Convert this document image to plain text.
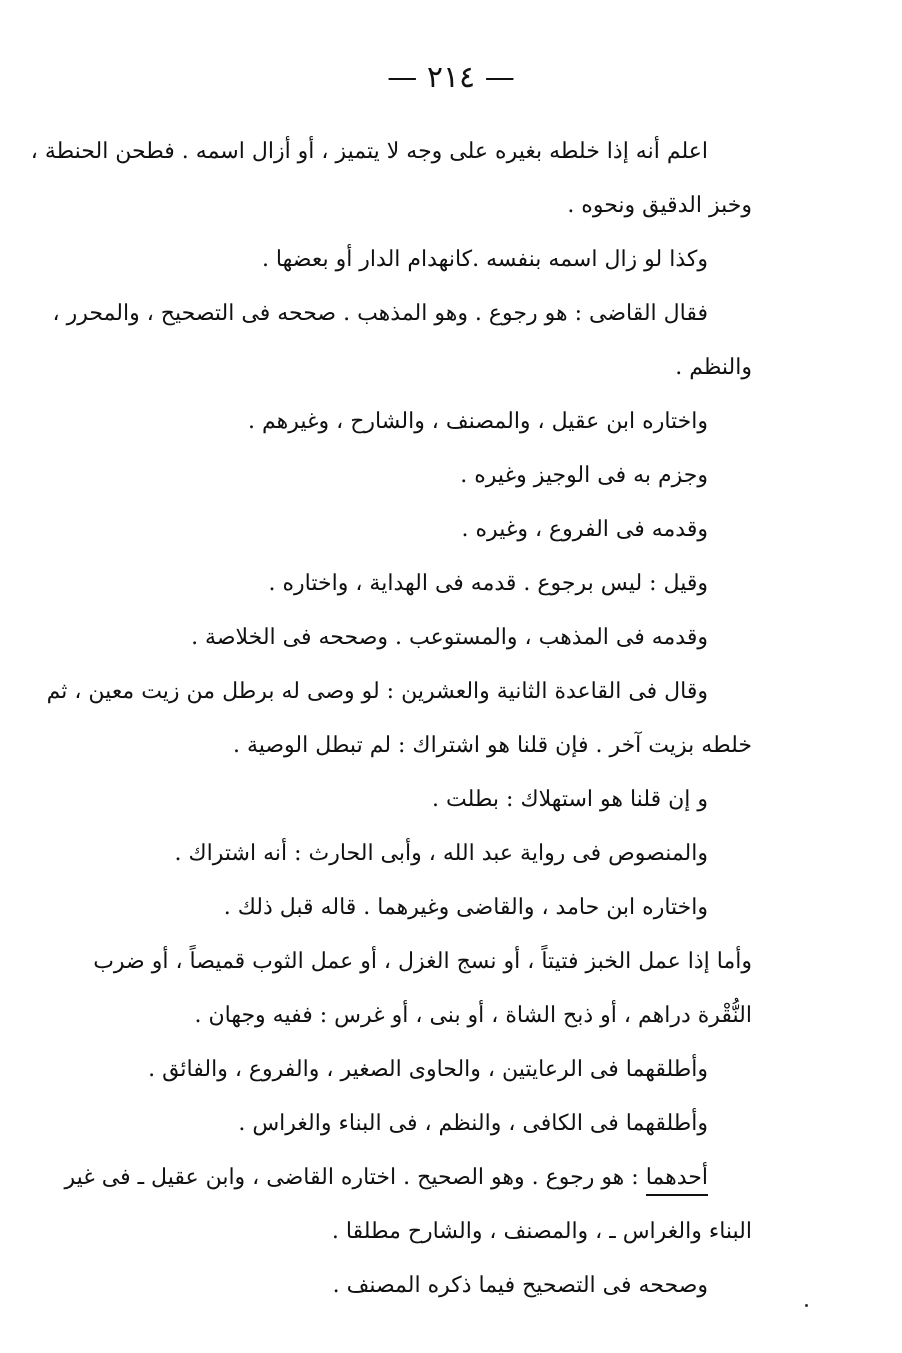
— ٢١٤ —
اعلم أنه إذا خلطه بغيره على وجه لا يتميز ، أو أزال اسمه . فطحن الحنطة ،
وخبز الدقيق ونحوه .
وكذا لو زال اسمه بنفسه .كانهدام الدار أو بعضها .
فقال القاضى : هو رجوع . وهو المذهب . صححه فى التصحيح ، والمحرر ،
والنظم .
واختاره ابن عقيل ، والمصنف ، والشارح ، وغيرهم .
وجزم به فى الوجيز وغيره .
وقدمه فى الفروع ، وغيره .
وقيل : ليس برجوع . قدمه فى الهداية ، واختاره .
وقدمه فى المذهب ، والمستوعب . وصححه فى الخلاصة .
وقال فى القاعدة الثانية والعشرين : لو وصى له برطل من زيت معين ، ثم
خلطه بزيت آخر . فإن قلنا هو اشتراك : لم تبطل الوصية .
و إن قلنا هو استهلاك : بطلت .
والمنصوص فى رواية عبد الله ، وأبى الحارث : أنه اشتراك .
واختاره ابن حامد ، والقاضى وغيرهما . قاله قبل ذلك .
وأما إذا عمل الخبز فتيتاً ، أو نسج الغزل ، أو عمل الثوب قميصاً ، أو ضرب
النُّقْرة دراهم ، أو ذبح الشاة ، أو بنى ، أو غرس : ففيه وجهان .
وأطلقهما فى الرعايتين ، والحاوى الصغير ، والفروع ، والفائق .
وأطلقهما فى الكافى ، والنظم ، فى البناء والغراس .
أحدهما : هو رجوع . وهو الصحيح . اختاره القاضى ، وابن عقيل ـ فى غير
البناء والغراس ـ ، والمصنف ، والشارح مطلقا .
وصححه فى التصحيح فيما ذكره المصنف .
